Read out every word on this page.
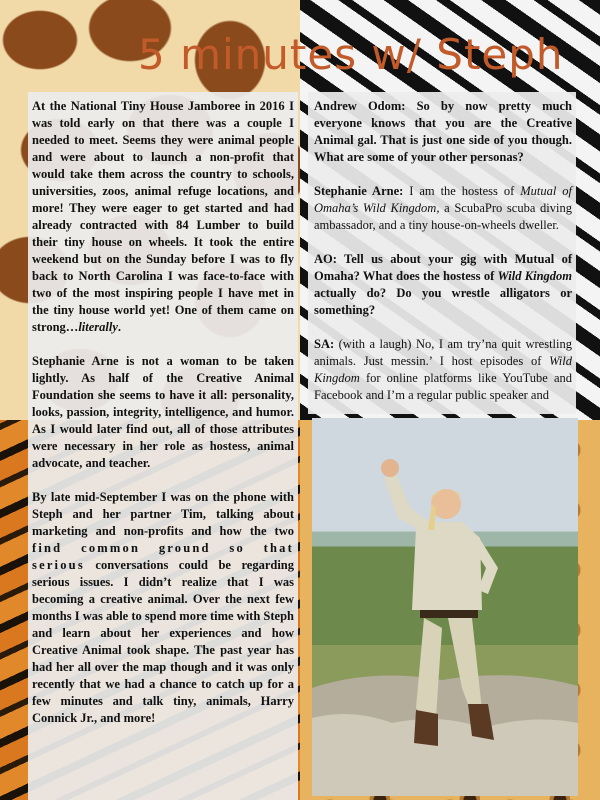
5 minutes w/ Steph

At the National Tiny House Jamboree in 2016 I was told early on that there was a couple I needed to meet. Seems they were animal people and were about to launch a non-profit that would take them across the country to schools, universities, zoos, animal refuge locations, and more! They were eager to get started and had already contracted with 84 Lumber to build their tiny house on wheels. It took the entire weekend but on the Sunday before I was to fly back to North Carolina I was face-to-face with two of the most inspiring people I have met in the tiny house world yet! One of them came on strong…literally.

Stephanie Arne is not a woman to be taken lightly. As half of the Creative Animal Foundation she seems to have it all: personality, looks, passion, integrity, intelligence, and humor. As I would later find out, all of those attributes were necessary in her role as hostess, animal advocate, and teacher.

By late mid-September I was on the phone with Steph and her partner Tim, talking about marketing and non-profits and how the two find common ground so that serious conversations could be regarding serious issues. I didn’t realize that I was becoming a creative animal. Over the next few months I was able to spend more time with Steph and learn about her experiences and how Creative Animal took shape. The past year has had her all over the map though and it was only recently that we had a chance to catch up for a few minutes and talk tiny, animals, Harry Connick Jr., and more!

Andrew Odom: So by now pretty much everyone knows that you are the Creative Animal gal. That is just one side of you though. What are some of your other personas?

Stephanie Arne: I am the hostess of Mutual of Omaha’s Wild Kingdom, a ScubaPro scuba diving ambassador, and a tiny house-on-wheels dweller.

AO: Tell us about your gig with Mutual of Omaha? What does the hostess of Wild Kingdom actually do? Do you wrestle alligators or something?

SA: (with a laugh) No, I am try’na quit wrestling animals. Just messin.’ I host episodes of Wild Kingdom for online platforms like YouTube and Facebook and I’m a regular public speaker and
